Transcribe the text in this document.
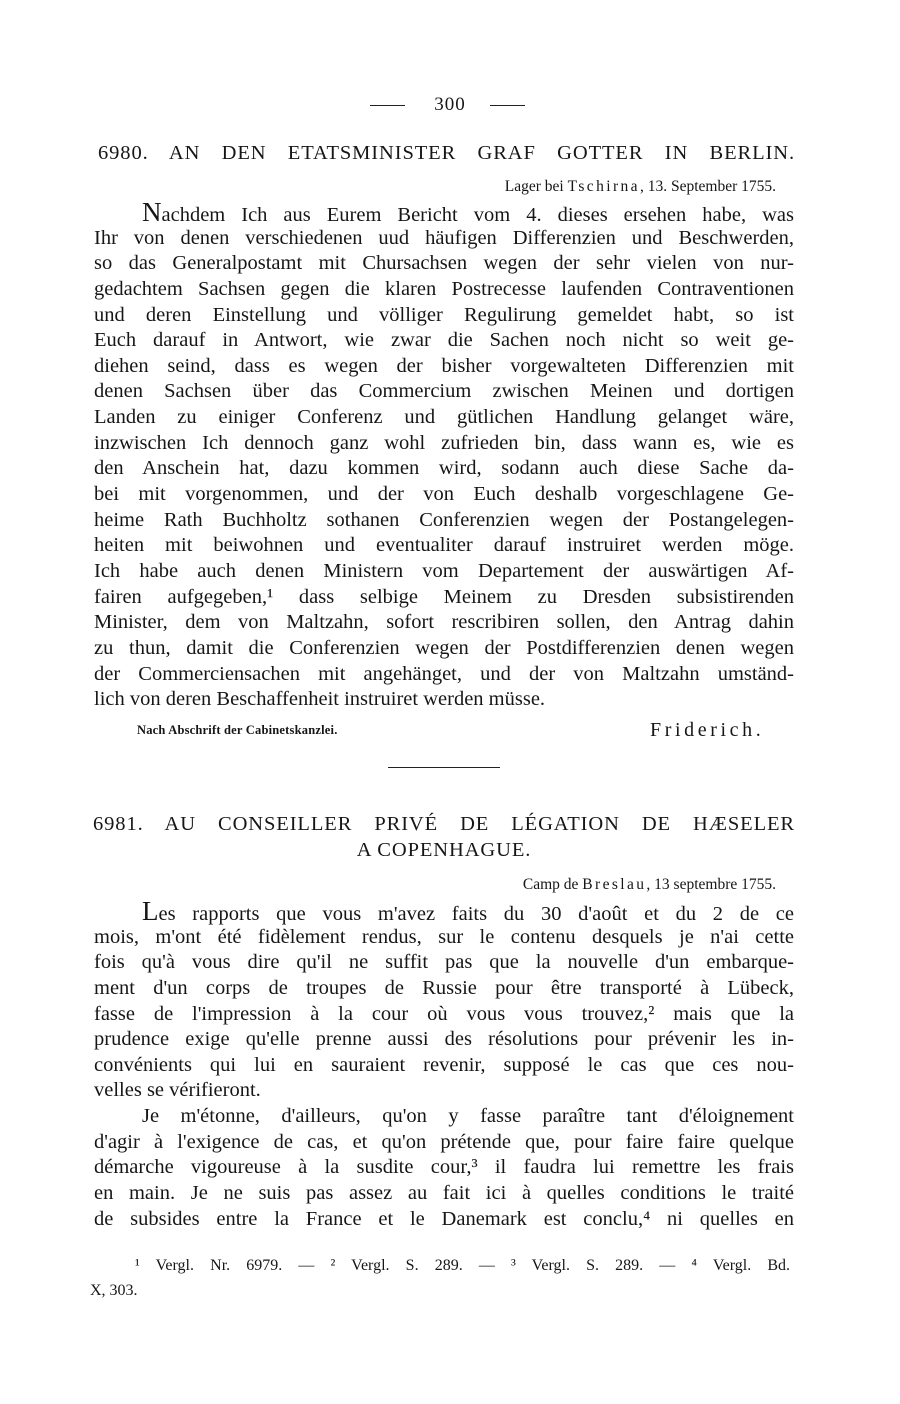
300
6980. AN DEN ETATSMINISTER GRAF GOTTER IN BERLIN.
Lager bei Tschirna, 13. September 1755.
Nachdem Ich aus Eurem Bericht vom 4. dieses ersehen habe, was
Ihr von denen verschiedenen uud häufigen Differenzien und Beschwerden,
so das Generalpostamt mit Chursachsen wegen der sehr vielen von nur-
gedachtem Sachsen gegen die klaren Postrecesse laufenden Contraventionen
und deren Einstellung und völliger Regulirung gemeldet habt, so ist
Euch darauf in Antwort, wie zwar die Sachen noch nicht so weit ge-
diehen seind, dass es wegen der bisher vorgewalteten Differenzien mit
denen Sachsen über das Commercium zwischen Meinen und dortigen
Landen zu einiger Conferenz und gütlichen Handlung gelanget wäre,
inzwischen Ich dennoch ganz wohl zufrieden bin, dass wann es, wie es
den Anschein hat, dazu kommen wird, sodann auch diese Sache da-
bei mit vorgenommen, und der von Euch deshalb vorgeschlagene Ge-
heime Rath Buchholtz sothanen Conferenzien wegen der Postangelegen-
heiten mit beiwohnen und eventualiter darauf instruiret werden möge.
Ich habe auch denen Ministern vom Departement der auswärtigen Af-
fairen aufgegeben,¹ dass selbige Meinem zu Dresden subsistirenden
Minister, dem von Maltzahn, sofort rescribiren sollen, den Antrag dahin
zu thun, damit die Conferenzien wegen der Postdifferenzien denen wegen
der Commerciensachen mit angehänget, und der von Maltzahn umständ-
lich von deren Beschaffenheit instruiret werden müsse.
Nach Abschrift der Cabinetskanzlei.	Friderich.
6981. AU CONSEILLER PRIVÉ DE LÉGATION DE HÆSELER
A COPENHAGUE.
Camp de Breslau, 13 septembre 1755.
Les rapports que vous m'avez faits du 30 d'août et du 2 de ce
mois, m'ont été fidèlement rendus, sur le contenu desquels je n'ai cette
fois qu'à vous dire qu'il ne suffit pas que la nouvelle d'un embarque-
ment d'un corps de troupes de Russie pour être transporté à Lübeck,
fasse de l'impression à la cour où vous vous trouvez,² mais que la
prudence exige qu'elle prenne aussi des résolutions pour prévenir les in-
convénients qui lui en sauraient revenir, supposé le cas que ces nou-
velles se vérifieront.
Je m'étonne, d'ailleurs, qu'on y fasse paraître tant d'éloignement
d'agir à l'exigence de cas, et qu'on prétende que, pour faire faire quelque
démarche vigoureuse à la susdite cour,³ il faudra lui remettre les frais
en main. Je ne suis pas assez au fait ici à quelles conditions le traité
de subsides entre la France et le Danemark est conclu,⁴ ni quelles en
¹ Vergl. Nr. 6979. — ² Vergl. S. 289. — ³ Vergl. S. 289. — ⁴ Vergl. Bd.
X, 303.
